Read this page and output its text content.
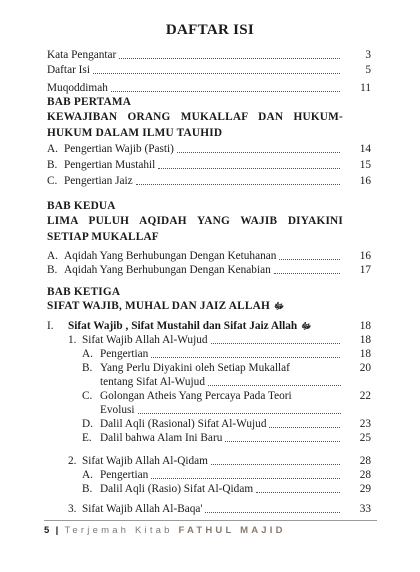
DAFTAR ISI
Kata Pengantar	3
Daftar Isi	5
Muqoddimah	11
BAB PERTAMA
KEWAJIBAN ORANG MUKALLAF DAN HUKUM-HUKUM DALAM ILMU TAUHID
A. Pengertian Wajib (Pasti)	14
B. Pengertian Mustahil	15
C. Pengertian Jaiz	16
BAB KEDUA
LIMA PULUH AQIDAH YANG WAJIB DIYAKINI SETIAP MUKALLAF
A. Aqidah Yang Berhubungan Dengan Ketuhanan	16
B. Aqidah Yang Berhubungan Dengan Kenabian	17
BAB KETIGA
SIFAT WAJIB, MUHAL DAN JAIZ ALLAH ﷻ
I.	Sifat Wajib , Sifat Mustahil dan Sifat Jaiz Allah ﷻ	18
1. Sifat Wajib Allah Al-Wujud	18
A. Pengertian	18
B. Yang Perlu Diyakini oleh Setiap Mukallaf	20
tentang Sifat Al-Wujud
C. Golongan Atheis Yang Percaya Pada Teori	22
Evolusi
D. Dalil Aqli (Rasional) Sifat Al-Wujud	23
E. Dalil bahwa Alam Ini Baru	25
2. Sifat Wajib Allah Al-Qidam	28
A. Pengertian	28
B. Dalil Aqli (Rasio) Sifat Al-Qidam	29
3. Sifat Wajib Allah Al-Baqa'	33
5 | Terjemah Kitab FATHUL MAJID
